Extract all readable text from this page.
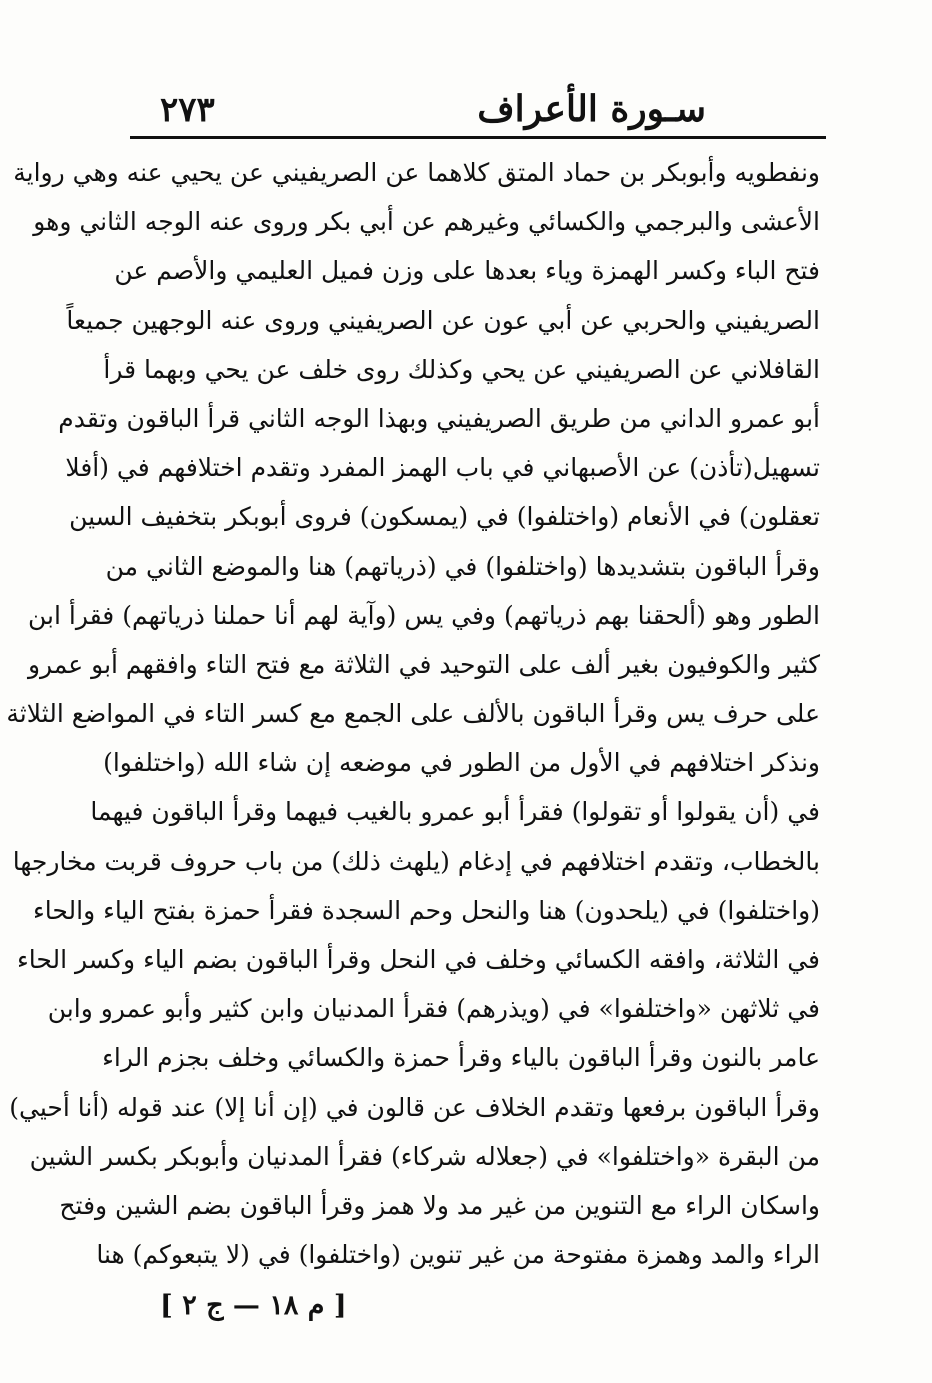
سـورة الأعراف
٢٧٣
ونفطويه وأبوبكر بن حماد المتق كلاهما عن الصريفيني عن يحيي عنه وهي رواية
الأعشى والبرجمي والكسائي وغيرهم عن أبي بكر وروى عنه الوجه الثاني وهو
فتح الباء وكسر الهمزة وياء بعدها على وزن فميل العليمي والأصم عن
الصريفيني والحربي عن أبي عون عن الصريفيني وروى عنه الوجهين جميعاً
القافلاني عن الصريفيني عن يحي وكذلك روى خلف عن يحي وبهما قرأ
أبو عمرو الداني من طريق الصريفيني وبهذا الوجه الثاني قرأ الباقون وتقدم
تسهيل(تأذن) عن الأصبهاني في باب الهمز المفرد وتقدم اختلافهم في (أفلا
تعقلون) في الأنعام (واختلفوا) في (يمسكون) فروى أبوبكر بتخفيف السين
وقرأ الباقون بتشديدها (واختلفوا) في (ذرياتهم) هنا والموضع الثاني من
الطور وهو (ألحقنا بهم ذرياتهم) وفي يس (وآية لهم أنا حملنا ذرياتهم) فقرأ ابن
كثير والكوفيون بغير ألف على التوحيد في الثلاثة مع فتح التاء وافقهم أبو عمرو
على حرف يس وقرأ الباقون بالألف على الجمع مع كسر التاء في المواضع الثلاثة
ونذكر اختلافهم في الأول من الطور في موضعه إن شاء الله (واختلفوا)
في (أن يقولوا أو تقولوا) فقرأ أبو عمرو بالغيب فيهما وقرأ الباقون فيهما
بالخطاب، وتقدم اختلافهم في إدغام (يلهث ذلك) من باب حروف قربت مخارجها
(واختلفوا) في (يلحدون) هنا والنحل وحم السجدة فقرأ حمزة بفتح الياء والحاء
في الثلاثة، وافقه الكسائي وخلف في النحل وقرأ الباقون بضم الياء وكسر الحاء
في ثلاثهن «واختلفوا» في (ويذرهم) فقرأ المدنيان وابن كثير وأبو عمرو وابن
عامر بالنون وقرأ الباقون بالياء وقرأ حمزة والكسائي وخلف بجزم الراء
وقرأ الباقون برفعها وتقدم الخلاف عن قالون في (إن أنا إلا) عند قوله (أنا أحيي)
من البقرة «واختلفوا» في (جعلاله شركاء) فقرأ المدنيان وأبوبكر بكسر الشين
واسكان الراء مع التنوين من غير مد ولا همز وقرأ الباقون بضم الشين وفتح
الراء والمد وهمزة مفتوحة من غير تنوين (واختلفوا) في (لا يتبعوكم) هنا
[ م ١٨ — ج ٢ ]
